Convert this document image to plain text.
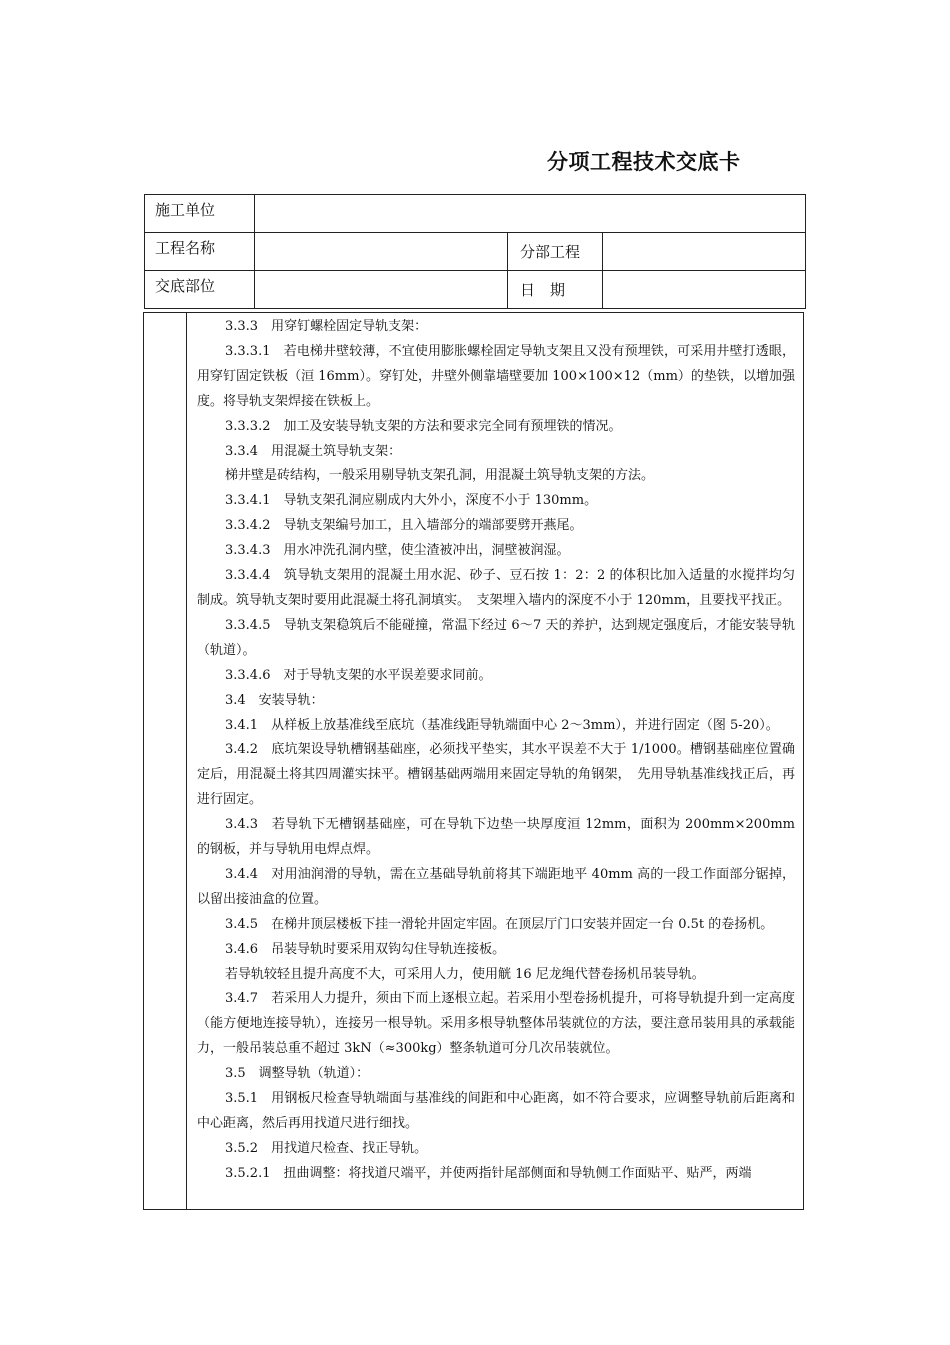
分项工程技术交底卡
施工单位			
工程名称		分部工程	
交底部位		日　期	

3.3.3　用穿钉螺栓固定导轨支架：

3.3.3.1　若电梯井壁较薄，不宜使用膨胀螺栓固定导轨支架且又没有预埋铁，可采用井壁打透眼，用穿钉固定铁板（洹 16mm）。穿钉处，井壁外侧靠墙壁要加 100×100×12（mm）的垫铁，以增加强度。将导轨支架焊接在铁板上。

3.3.3.2　加工及安装导轨支架的方法和要求完全同有预埋铁的情况。

3.3.4　用混凝土筑导轨支架：

梯井壁是砖结构，一般采用剔导轨支架孔洞，用混凝土筑导轨支架的方法。

3.3.4.1　导轨支架孔洞应剔成内大外小，深度不小于 130mm。

3.3.4.2　导轨支架编号加工，且入墙部分的端部要劈开燕尾。

3.3.4.3　用水冲洗孔洞内壁，使尘渣被冲出，洞壁被润湿。

3.3.4.4　筑导轨支架用的混凝土用水泥、砂子、豆石按 1：2：2 的体积比加入适量的水搅拌均匀制成。筑导轨支架时要用此混凝土将孔洞填实。　支架埋入墙内的深度不小于 120mm，且要找平找正。

3.3.4.5　导轨支架稳筑后不能碰撞，常温下经过 6～7 天的养护，达到规定强度后，才能安装导轨（轨道）。

3.3.4.6　对于导轨支架的水平误差要求同前。

3.4　安装导轨：

3.4.1　从样板上放基准线至底坑（基准线距导轨端面中心 2～3mm），并进行固定（图 5-20）。

3.4.2　底坑架设导轨槽钢基础座，必须找平垫实，其水平误差不大于 1/1000。槽钢基础座位置确定后，用混凝土将其四周灌实抹平。槽钢基础两端用来固定导轨的角钢架，　先用导轨基准线找正后，再进行固定。

3.4.3　若导轨下无槽钢基础座，可在导轨下边垫一块厚度洹 12mm，面积为 200mm×200mm 的钢板，并与导轨用电焊点焊。

3.4.4　对用油润滑的导轨，需在立基础导轨前将其下端距地平 40mm 高的一段工作面部分锯掉，以留出接油盒的位置。

3.4.5　在梯井顶层楼板下挂一滑轮井固定牢固。在顶层厅门口安装并固定一台 0.5t 的卷扬机。

3.4.6　吊装导轨时要采用双钩勾住导轨连接板。

若导轨较轻且提升高度不大，可采用人力，使用觥 16 尼龙绳代替卷扬机吊装导轨。

3.4.7　若采用人力提升，须由下而上逐根立起。若采用小型卷扬机提升，可将导轨提升到一定高度（能方便地连接导轨），连接另一根导轨。采用多根导轨整体吊装就位的方法，要注意吊装用具的承载能力，一般吊装总重不超过 3kN（≈300kg）整条轨道可分几次吊装就位。

3.5　调整导轨（轨道）：

3.5.1　用钢板尺检查导轨端面与基准线的间距和中心距离，如不符合要求，应调整导轨前后距离和中心距离，然后再用找道尺进行细找。

3.5.2　用找道尺检查、找正导轨。

3.5.2.1　扭曲调整：将找道尺端平，并使两指针尾部侧面和导轨侧工作面贴平、贴严，两端
